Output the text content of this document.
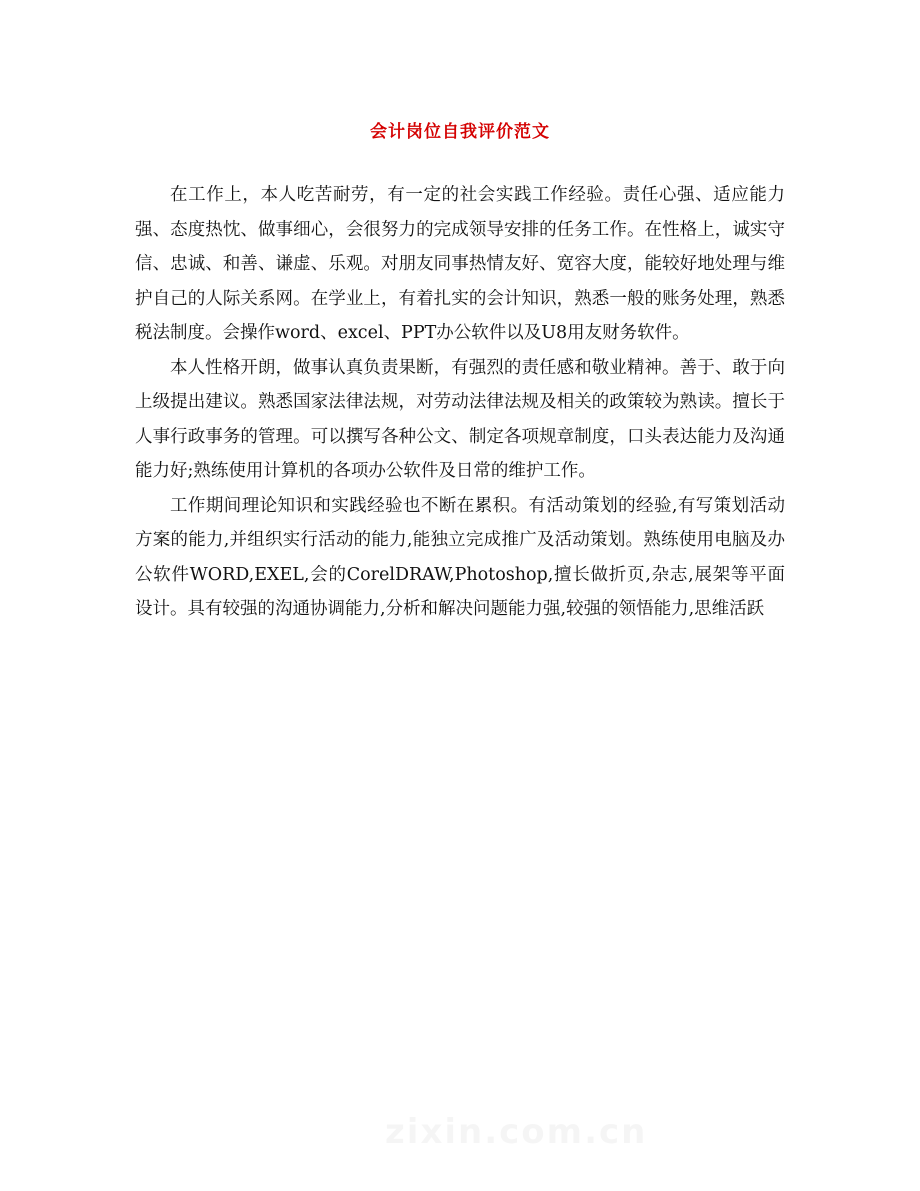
会计岗位自我评价范文

在工作上，本人吃苦耐劳，有一定的社会实践工作经验。责任心强、适应能力强、态度热忱、做事细心，会很努力的完成领导安排的任务工作。在性格上，诚实守信、忠诚、和善、谦虚、乐观。对朋友同事热情友好、宽容大度，能较好地处理与维护自己的人际关系网。在学业上，有着扎实的会计知识，熟悉一般的账务处理，熟悉税法制度。会操作word、excel、PPT办公软件以及U8用友财务软件。

本人性格开朗，做事认真负责果断，有强烈的责任感和敬业精神。善于、敢于向上级提出建议。熟悉国家法律法规，对劳动法律法规及相关的政策较为熟读。擅长于人事行政事务的管理。可以撰写各种公文、制定各项规章制度，口头表达能力及沟通能力好;熟练使用计算机的各项办公软件及日常的维护工作。

工作期间理论知识和实践经验也不断在累积。有活动策划的经验,有写策划活动方案的能力,并组织实行活动的能力,能独立完成推广及活动策划。熟练使用电脑及办公软件WORD,EXEL,会的CorelDRAW,Photoshop,擅长做折页,杂志,展架等平面设计。具有较强的沟通协调能力,分析和解决问题能力强,较强的领悟能力,思维活跃
